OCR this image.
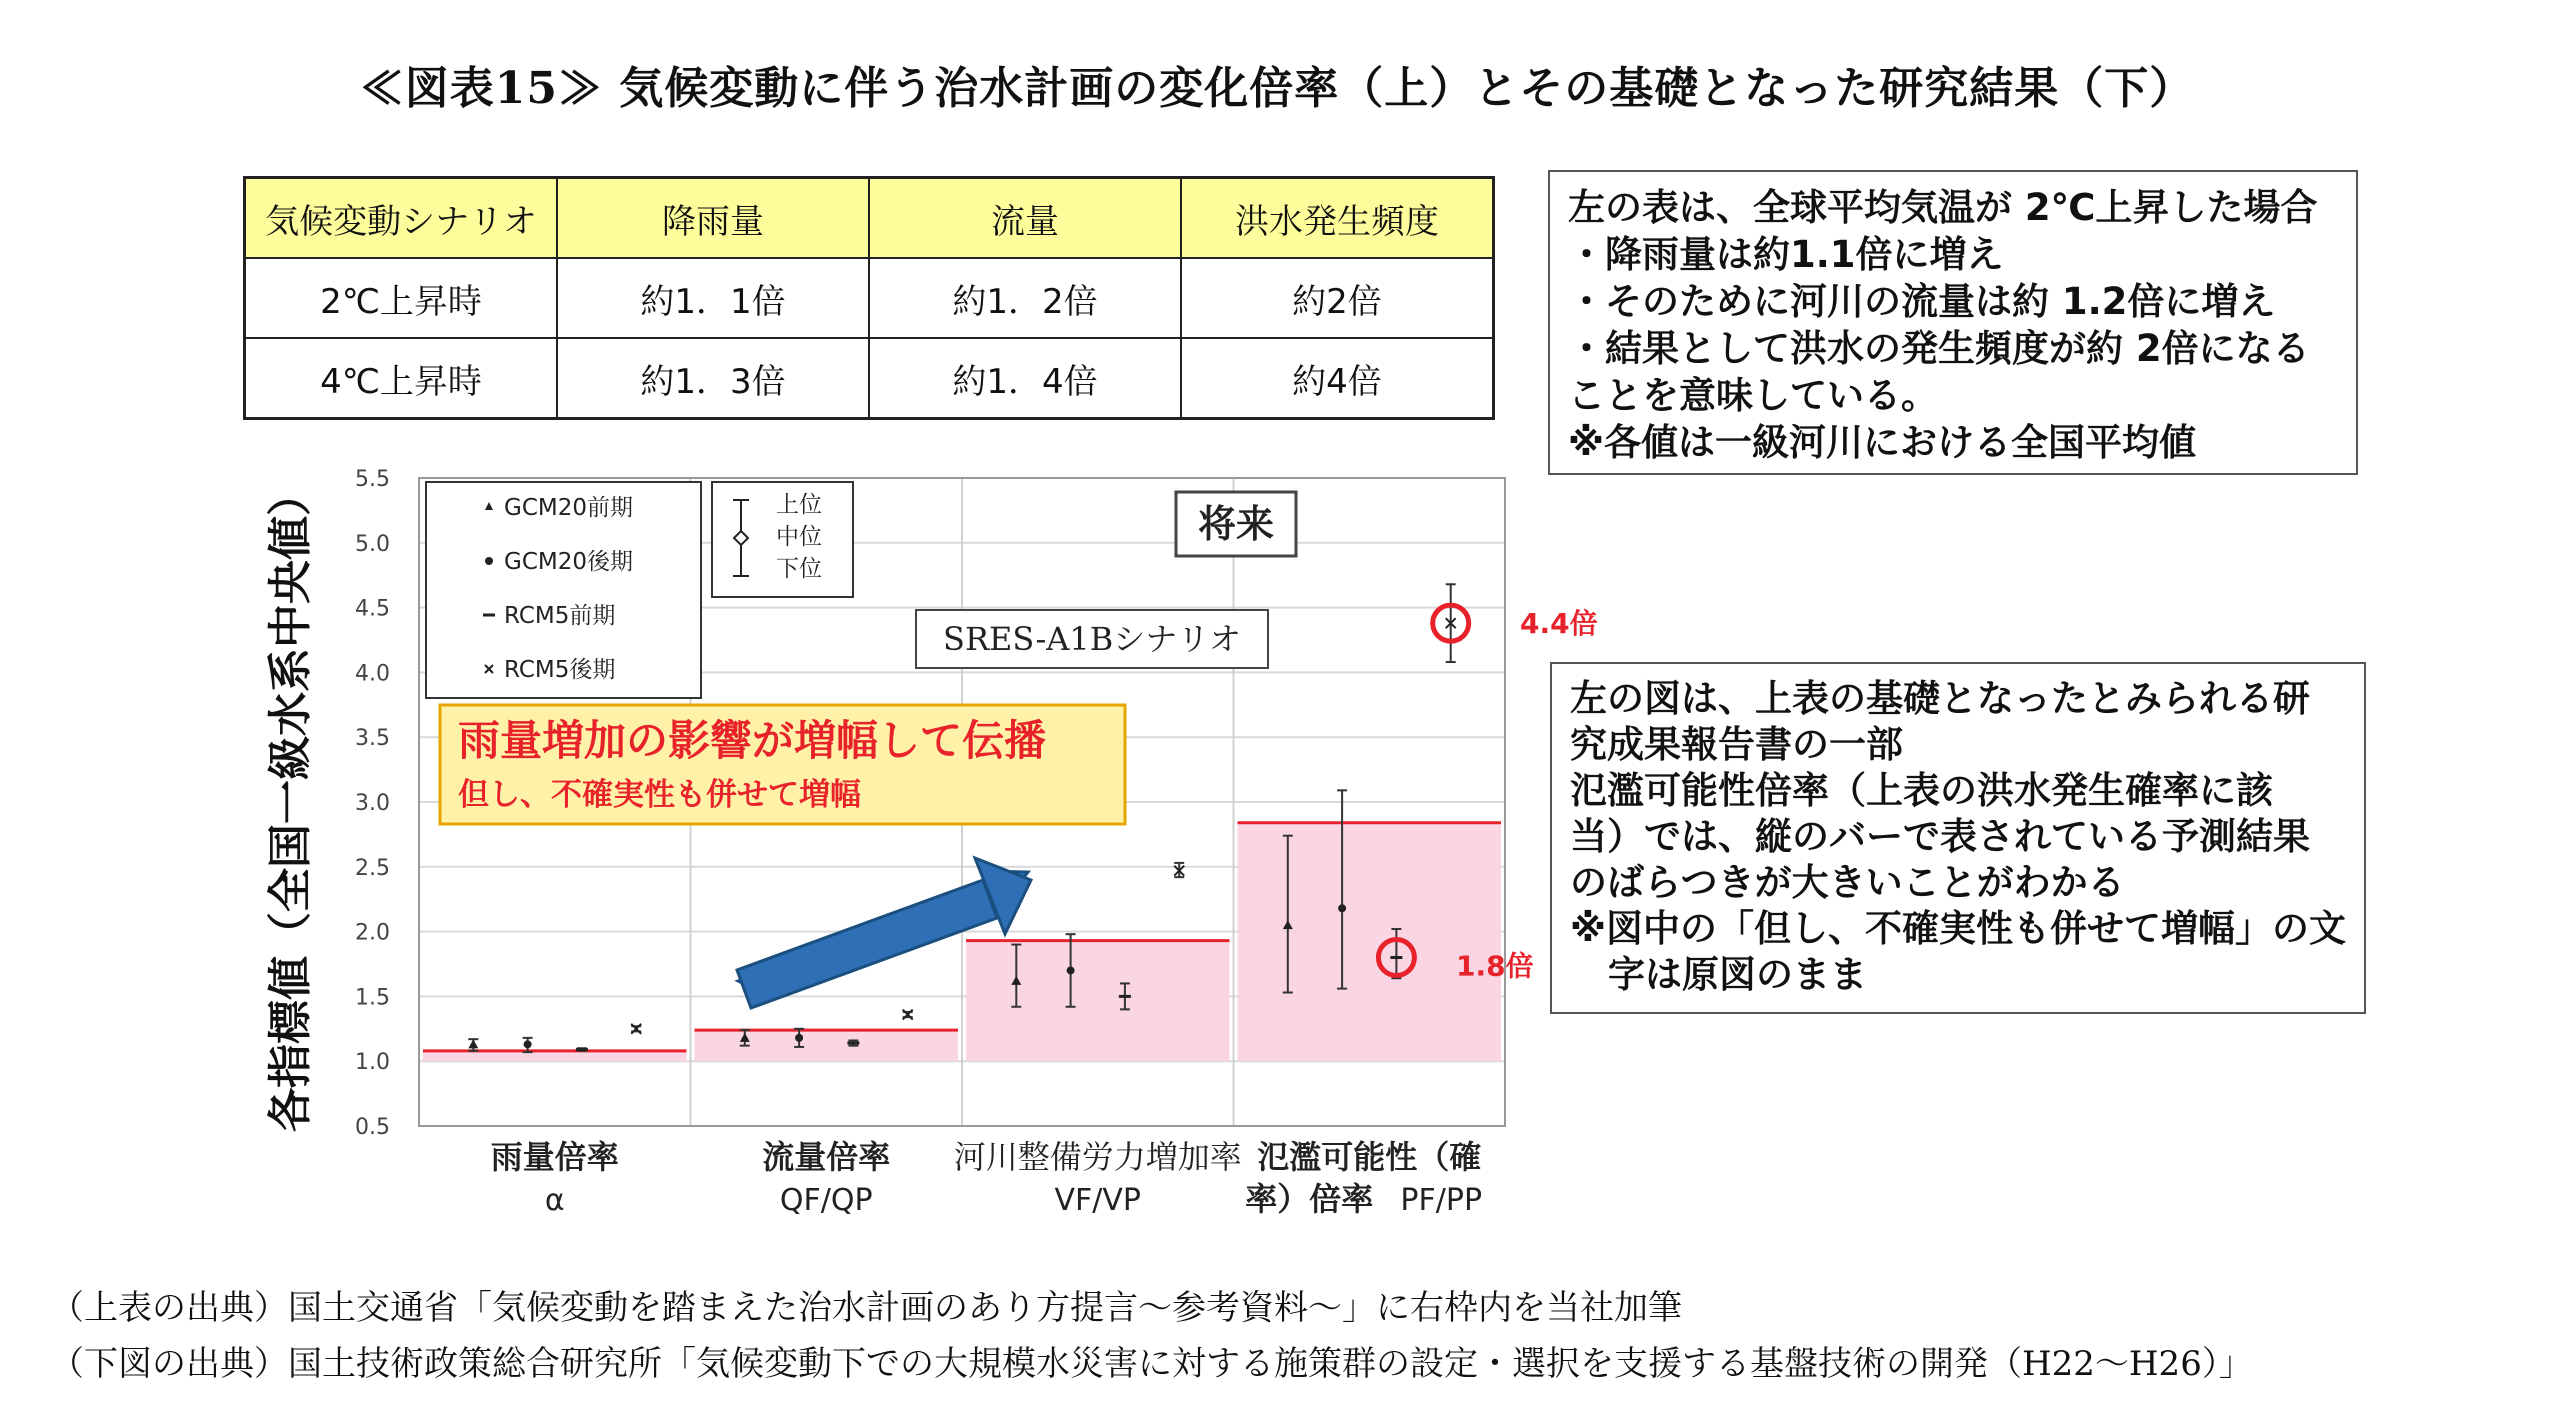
≪図表15≫ 気候変動に伴う治水計画の変化倍率（上）とその基礎となった研究結果（下）
気候変動シナリオ	降雨量	流量	洪水発生頻度
2℃上昇時	約1．1倍	約1．2倍	約2倍
4℃上昇時	約1．3倍	約1．4倍	約4倍
左の表は、全球平均気温が 2℃上昇した場合
・降雨量は約1.1倍に増え
・そのために河川の流量は約 1.2倍に増え
・結果として洪水の発生頻度が約 2倍になる
ことを意味している。
※各値は一級河川における全国平均値
左の図は、上表の基礎となったとみられる研
究成果報告書の一部
氾濫可能性倍率（上表の洪水発生確率に該
当）では、縦のバーで表されている予測結果
のばらつきが大きいことがわかる
※図中の「但し、不確実性も併せて増幅」の文
字は原図のまま
0.5
1.0
1.5
2.0
2.5
3.0
3.5
4.0
4.5
5.0
5.5
4.4倍
1.8倍
GCM20前期
GCM20後期
RCM5前期
RCM5後期
上位
中位
下位
将来
SRES-A1Bシナリオ
雨量増加の影響が増幅して伝播
但し、不確実性も併せて増幅
各指標値（全国一級水系中央値）
雨量倍率
α
流量倍率
QF/QP
河川整備労力増加率
VF/VP
氾濫可能性（確
率）倍率 PF/PP
（上表の出典）国土交通省「気候変動を踏まえた治水計画のあり方提言～参考資料～」に右枠内を当社加筆
（下図の出典）国土技術政策総合研究所「気候変動下での大規模水災害に対する施策群の設定・選択を支援する基盤技術の開発（H22～H26）」
